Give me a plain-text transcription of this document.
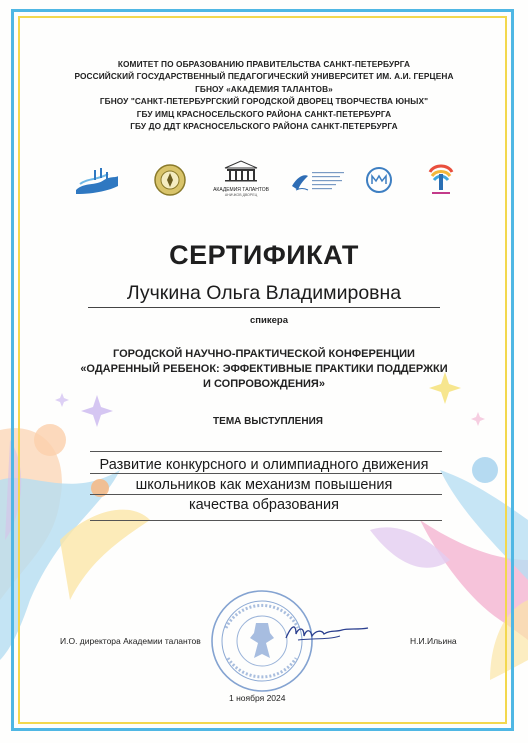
КОМИТЕТ ПО ОБРАЗОВАНИЮ ПРАВИТЕЛЬСТВА САНКТ-ПЕТЕРБУРГА
РОССИЙСКИЙ ГОСУДАРСТВЕННЫЙ ПЕДАГОГИЧЕСКИЙ УНИВЕРСИТЕТ ИМ. А.И. ГЕРЦЕНА
ГБНОУ «АКАДЕМИЯ ТАЛАНТОВ»
ГБНОУ "САНКТ-ПЕТЕРБУРГСКИЙ ГОРОДСКОЙ ДВОРЕЦ ТВОРЧЕСТВА ЮНЫХ"
ГБУ ИМЦ КРАСНОСЕЛЬСКОГО РАЙОНА САНКТ-ПЕТЕРБУРГА
ГБУ ДО ДДТ КРАСНОСЕЛЬСКОГО РАЙОНА САНКТ-ПЕТЕРБУРГА
АКАДЕМИЯ ТАЛАНТОВ
АНИЧКОВ ДВОРЕЦ
СЕРТИФИКАТ
Лучкина Ольга Владимировна
спикера
ГОРОДСКОЙ НАУЧНО-ПРАКТИЧЕСКОЙ КОНФЕРЕНЦИИ
«ОДАРЕННЫЙ РЕБЕНОК: ЭФФЕКТИВНЫЕ ПРАКТИКИ ПОДДЕРЖКИ
И СОПРОВОЖДЕНИЯ»
ТЕМА ВЫСТУПЛЕНИЯ
Развитие конкурсного и олимпиадного движения
школьников как механизм повышения
качества образования
И.О. директора Академии талантов	Н.И.Ильина
1 ноября 2024
